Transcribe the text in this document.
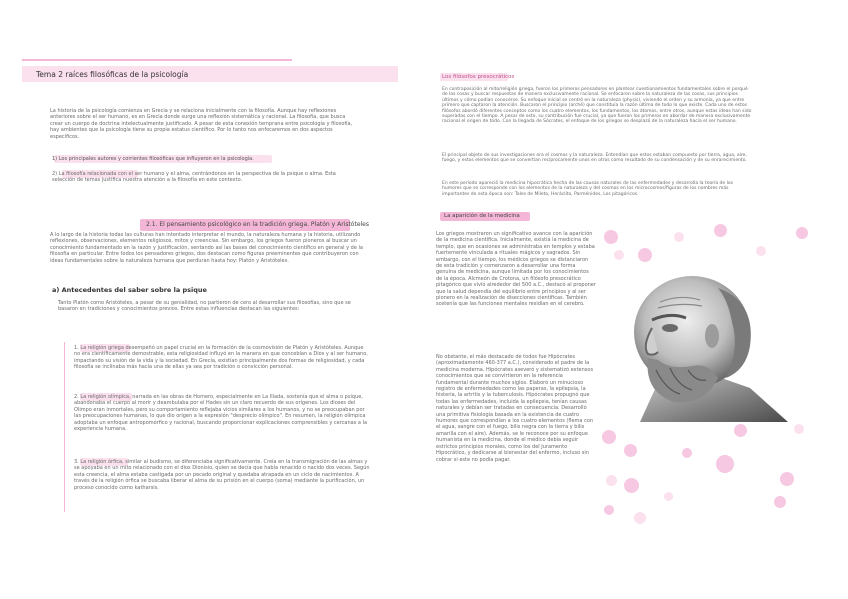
Tema 2 raíces filosóficas de la psicología

La historia de la psicología comienza en Grecia y se relaciona inicialmente con la filosofía. Aunque hay reflexiones anteriores sobre el ser humano, es en Grecia donde surge una reflexión sistemática y racional. La filosofía, que busca crear un cuerpo de doctrina intelectualmente justificado. A pesar de esta conexión temprana entre psicología y filosofía, hay ambientes que la psicología tiene su propia estatus científico. Por lo tanto nos enfocaremos en dos aspectos específicos.

1) Los principales autores y corrientes filosóficas que influyeron en la psicología.

2) La filosofía relacionada con el ser humano y el alma, centrándonos en la perspectiva de la psique o alma. Esta selección de temas justifica nuestra atención a la filosofía en este contexto.

2.1. El pensamiento psicológico en la tradición griega. Platón y Aristóteles

A lo largo de la historia todas las culturas han intentado interpretar el mundo, la naturaleza humana y la historia, utilizando reflexiones, observaciones, elementos religiosos, mitos y creencias. Sin embargo, los griegos fueron pioneros al buscar un conocimiento fundamentado en la razón y justificación, sentando así las bases del conocimiento científico en general y de la filosofía en particular. Entre todos los pensadores griegos, dos destacan como figuras preeminentes que contribuyeron con ideas fundamentales sobre la naturaleza humana que perduran hasta hoy: Platón y Aristóteles.

a) Antecedentes del saber sobre la psique

Tanto Platón como Aristóteles, a pesar de su genialidad, no partieron de cero al desarrollar sus filosofías, sino que se basaron en tradiciones y conocimientos previos. Entre estas influencias destacan las siguientes:

1. La religión griega desempeñó un papel crucial en la formación de la cosmovisión de Platón y Aristóteles. Aunque no era científicamente demostrable, esta religiosidad influyó en la manera en que concebían a Dios y al ser humano, impactando su visión de la vida y la sociedad. En Grecia, existían principalmente dos formas de religiosidad, y cada filosofía se inclinaba más hacia una de ellas ya sea por tradición o convicción personal.

2. La religión olímpica, narrada en las obras de Homero, especialmente en La Ilíada, sostenía que el alma o psique, abandonaba el cuerpo al morir y deambulaba por el Hades sin un claro recuerdo de sus orígenes. Los dioses del Olimpo eran inmortales, pero su comportamiento reflejaba vicios similares a los humanos, y no se preocupaban por las preocupaciones humanas, lo que dio origen a la expresión "desprecio olímpico". En resumen, la religión olímpica adoptaba un enfoque antropomórfico y racional, buscando proporcionar explicaciones comprensibles y cercanas a la experiencia humana.

3. La religión órfica, similar al budismo, se diferenciaba significativamente. Creía en la transmigración de las almas y se apoyaba en un mito relacionado con el dios Dionisio, quien se decía que había renacido o nacido dos veces. Según esta creencia, el alma estaba castigada por un pecado original y quedaba atrapada en un ciclo de nacimientos. A través de la religión órfica se buscaba liberar el alma de su prisión en el cuerpo (soma) mediante la purificación, un proceso conocido como katharsis.

Los filósofos presocráticos

En contraposición al mito/religión griega, fueron los primeros pensadores en plantear cuestionamientos fundamentales sobre el porqué de las cosas y buscar respuestas de manera exclusivamente racional. Se enfocaron sobre la naturaleza de las cosas, sus principios últimos y cómo podían conocerse. Su enfoque inicial se centró en la naturaleza (physis), viviendo el orden y su armonía, ya que entre primero que captaron la atención. Buscaron el principio (arché) que constituía la razón última de todo lo que existe. Cada uno de estos filósofos abordó diferentes conceptos como los cuatro elementos, los fundamentos, los átomos, entre otros, aunque estas ideas han sido superadas con el tiempo. A pesar de esto, su contribución fue crucial, ya que fueron los primeros en abordar de manera exclusivamente racional el origen de todo. Con la llegada de Sócrates, el enfoque de los griegos se desplazó de la naturaleza hacia el ser humano.

El principal objeto de sus investigaciones era el cosmos y la naturaleza. Entendían que estos estaban compuesto por tierra, agua, aire, fuego, y estos elementos que se convertían recíprocamente unos en otros como resultado de su condensación y de su enrarecimiento.

En este período apareció la medicina hipocrática hecha de las causas naturales de las enfermedades y desarrolla la teoría de los humores que se corresponde con los elementos de la naturaleza y del cosmos en los microcosmos/figuras de los nombres más importantes de esta época son: Tales de Mileto, Heráclito, Parménides, Los pitagóricos.

La aparición de la medicina

Los griegos mostraron un significativo avance con la aparición de la medicina científica. Inicialmente, existía la medicina de templo, que en ocasiones se administraba en templos y estaba fuertemente vinculada a rituales mágicos y sagrados. Sin embargo, con el tiempo, los médicos griegos se distanciaron de esta tradición y comenzaron a desarrollar una forma genuina de medicina, aunque limitada por los conocimientos de la época. Alcmeón de Crotona, un filósofo presocrático pitagórico que vivió alrededor del 500 a.C., destacó al proponer que la salud dependía del equilibrio entre principios y al ser pionero en la realización de disecciones científicas. También sostenía que las funciones mentales residían en el cerebro.

No obstante, el más destacado de todos fue Hipócrates (aproximadamente 460-377 a.C.), considerado el padre de la medicina moderna. Hipócrates aseveró y sistematizó extensos conocimientos que se convirtieron en la referencia fundamental durante muchos siglos. Elaboró un minucioso registro de enfermedades como las paperas, la epilepsia, la histeria, la artritis y la tuberculosis. Hipócrates propugnó que todas las enfermedades, incluida la epilepsia, tenían causas naturales y debían ser tratadas en consecuencia. Desarrolló una primitiva fisiología basada en la existencia de cuatro humores que correspondían a los cuatro elementos (flema con el agua, sangre con el fuego, bilis negra con la tierra y bilis amarilla con el aire). Además, se le reconoce por su enfoque humanista en la medicina, donde el médico debía seguir estrictos principios morales, como los del Juramento Hipocrático, y dedicarse al bienestar del enfermo, incluso sin cobrar si este no podía pagar.
